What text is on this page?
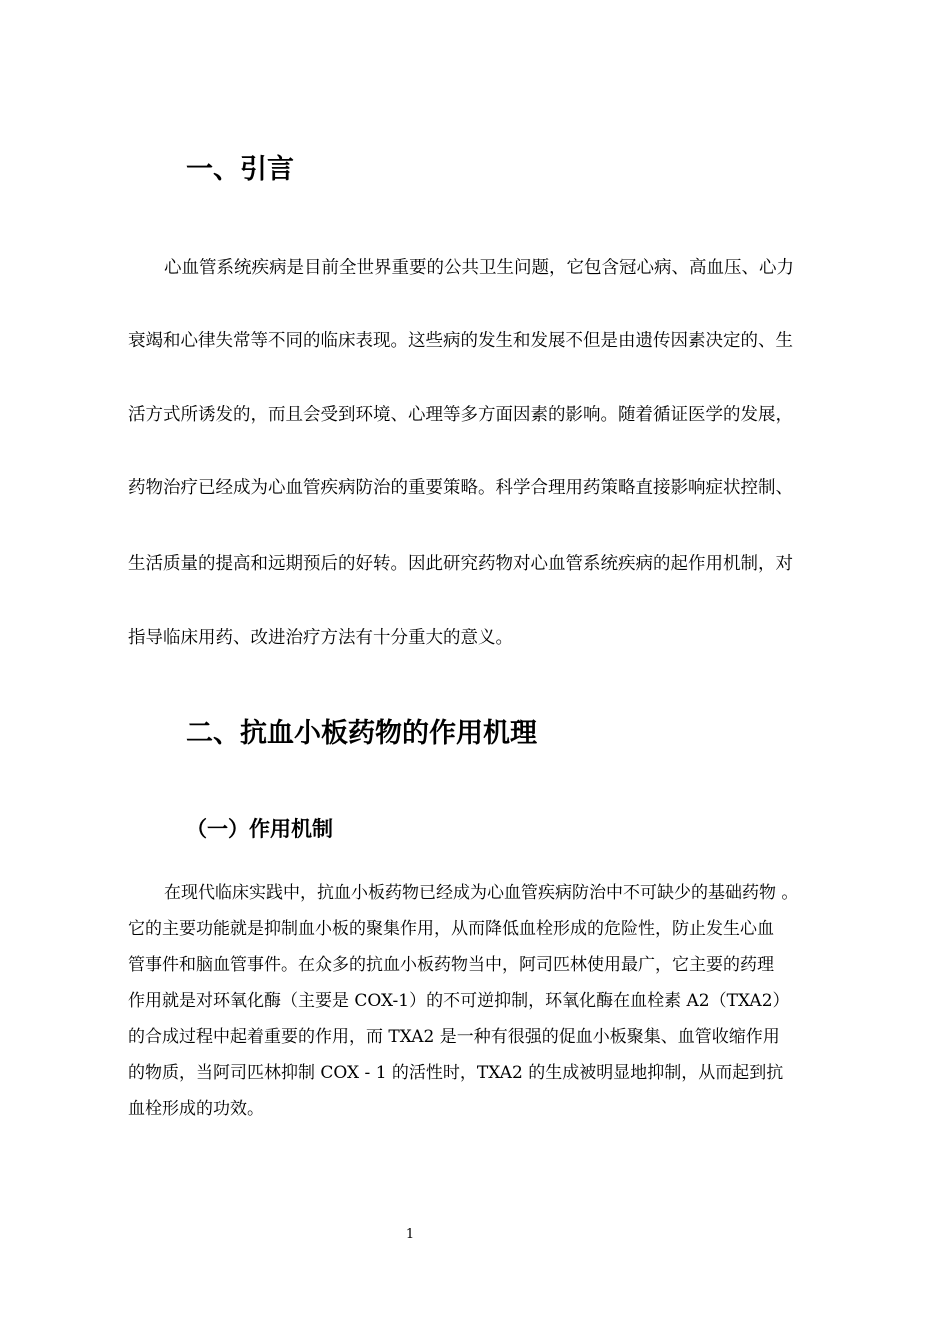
一、引言

心血管系统疾病是目前全世界重要的公共卫生问题，它包含冠心病、高血压、心力

衰竭和心律失常等不同的临床表现。这些病的发生和发展不但是由遗传因素决定的、生

活方式所诱发的，而且会受到环境、心理等多方面因素的影响。随着循证医学的发展，

药物治疗已经成为心血管疾病防治的重要策略。科学合理用药策略直接影响症状控制、

生活质量的提高和远期预后的好转。因此研究药物对心血管系统疾病的起作用机制，对

指导临床用药、改进治疗方法有十分重大的意义。

二、抗血小板药物的作用机理
（一）作用机制

在现代临床实践中，抗血小板药物已经成为心血管疾病防治中不可缺少的基础药物 。

它的主要功能就是抑制血小板的聚集作用，从而降低血栓形成的危险性，防止发生心血

管事件和脑血管事件。在众多的抗血小板药物当中，阿司匹林使用最广，它主要的药理

作用就是对环氧化酶（主要是 COX-1）的不可逆抑制，环氧化酶在血栓素 A2（TXA2）

的合成过程中起着重要的作用，而 TXA2 是一种有很强的促血小板聚集、血管收缩作用

的物质，当阿司匹林抑制 COX - 1 的活性时，TXA2 的生成被明显地抑制，从而起到抗

血栓形成的功效。

1
